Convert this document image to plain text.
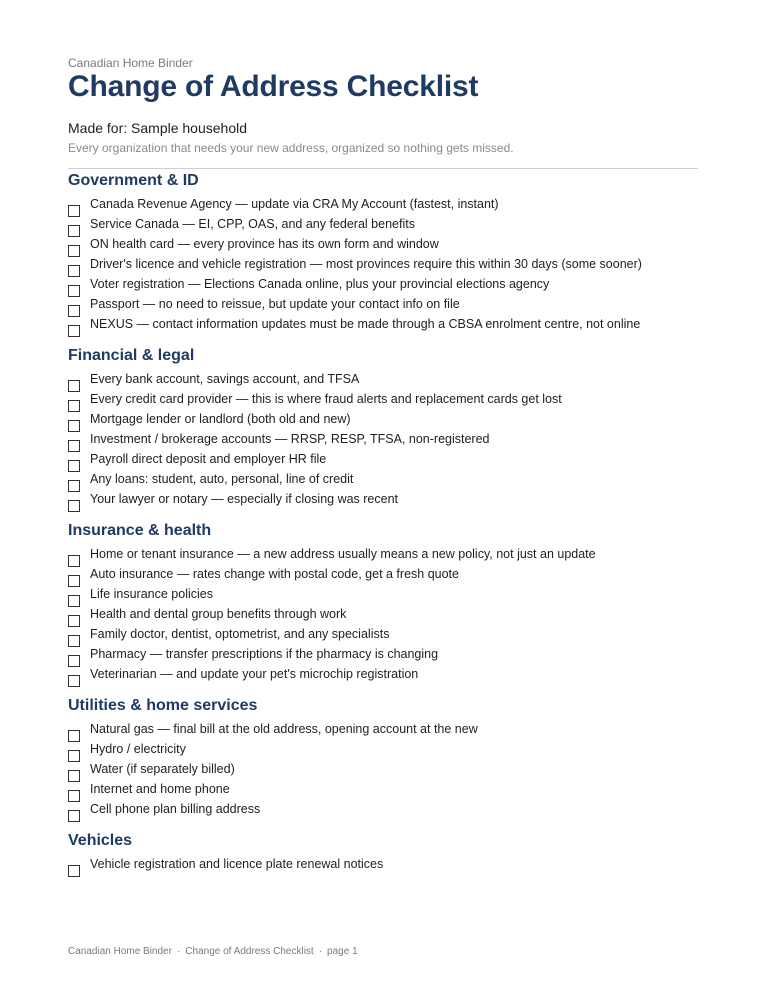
Canadian Home Binder
Change of Address Checklist
Made for: Sample household
Every organization that needs your new address, organized so nothing gets missed.
Government & ID
Canada Revenue Agency — update via CRA My Account (fastest, instant)
Service Canada — EI, CPP, OAS, and any federal benefits
ON health card — every province has its own form and window
Driver's licence and vehicle registration — most provinces require this within 30 days (some sooner)
Voter registration — Elections Canada online, plus your provincial elections agency
Passport — no need to reissue, but update your contact info on file
NEXUS — contact information updates must be made through a CBSA enrolment centre, not online
Financial & legal
Every bank account, savings account, and TFSA
Every credit card provider — this is where fraud alerts and replacement cards get lost
Mortgage lender or landlord (both old and new)
Investment / brokerage accounts — RRSP, RESP, TFSA, non-registered
Payroll direct deposit and employer HR file
Any loans: student, auto, personal, line of credit
Your lawyer or notary — especially if closing was recent
Insurance & health
Home or tenant insurance — a new address usually means a new policy, not just an update
Auto insurance — rates change with postal code, get a fresh quote
Life insurance policies
Health and dental group benefits through work
Family doctor, dentist, optometrist, and any specialists
Pharmacy — transfer prescriptions if the pharmacy is changing
Veterinarian — and update your pet's microchip registration
Utilities & home services
Natural gas — final bill at the old address, opening account at the new
Hydro / electricity
Water (if separately billed)
Internet and home phone
Cell phone plan billing address
Vehicles
Vehicle registration and licence plate renewal notices
Canadian Home Binder · Change of Address Checklist · page 1
